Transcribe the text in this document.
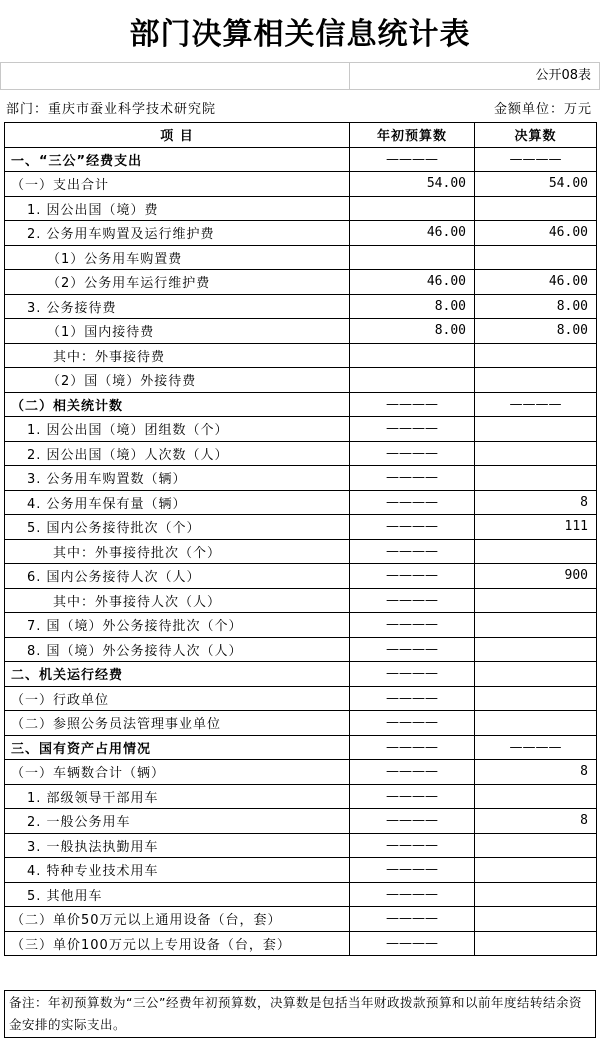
部门决算相关信息统计表
公开08表
部门：重庆市蚕业科学技术研究院	金额单位：万元
项 目	年初预算数	决算数
一、“三公”经费支出	————	————
（一）支出合计	54.00	54.00
1. 因公出国（境）费		
2. 公务用车购置及运行维护费	46.00	46.00
（1）公务用车购置费		
（2）公务用车运行维护费	46.00	46.00
3. 公务接待费	8.00	8.00
（1）国内接待费	8.00	8.00
其中：外事接待费		
（2）国（境）外接待费		
（二）相关统计数	————	————
1. 因公出国（境）团组数（个）	————	
2. 因公出国（境）人次数（人）	————	
3. 公务用车购置数（辆）	————	
4. 公务用车保有量（辆）	————	8
5. 国内公务接待批次（个）	————	111
其中：外事接待批次（个）	————	
6. 国内公务接待人次（人）	————	900
其中：外事接待人次（人）	————	
7. 国（境）外公务接待批次（个）	————	
8. 国（境）外公务接待人次（人）	————	
二、机关运行经费	————	
（一）行政单位	————	
（二）参照公务员法管理事业单位	————	
三、国有资产占用情况	————	————
（一）车辆数合计（辆）	————	8
1. 部级领导干部用车	————	
2. 一般公务用车	————	8
3. 一般执法执勤用车	————	
4. 特种专业技术用车	————	
5. 其他用车	————	
（二）单价50万元以上通用设备（台，套）	————	
（三）单价100万元以上专用设备（台，套）	————	
备注：年初预算数为“三公”经费年初预算数，决算数是包括当年财政拨款预算和以前年度结转结余资金安排的实际支出。
